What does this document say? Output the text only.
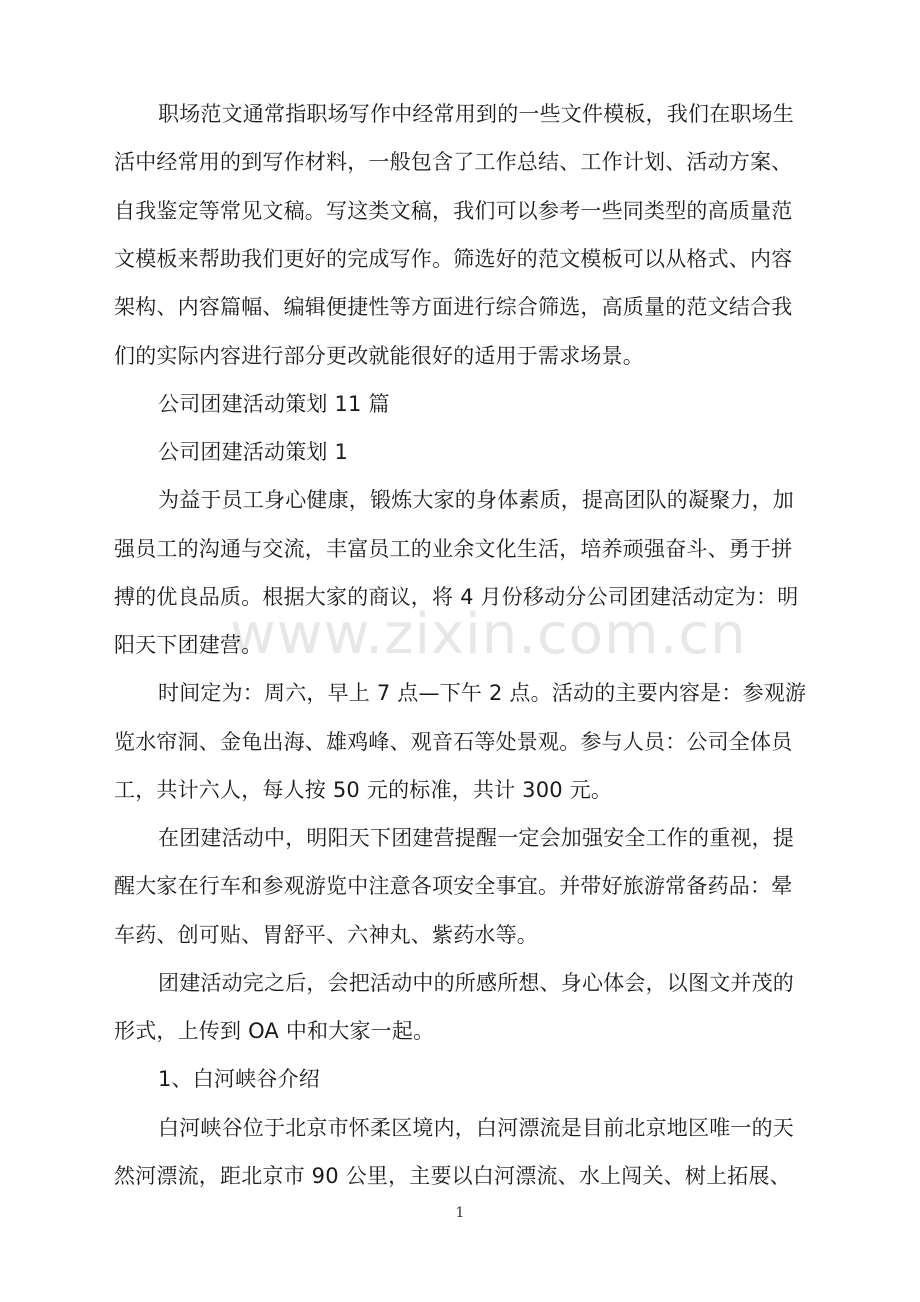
www.zixin.com.cn
职场范文通常指职场写作中经常用到的一些文件模板，我们在职场生
活中经常用的到写作材料，一般包含了工作总结、工作计划、活动方案、
自我鉴定等常见文稿。写这类文稿，我们可以参考一些同类型的高质量范
文模板来帮助我们更好的完成写作。筛选好的范文模板可以从格式、内容
架构、内容篇幅、编辑便捷性等方面进行综合筛选，高质量的范文结合我
们的实际内容进行部分更改就能很好的适用于需求场景。
公司团建活动策划 11 篇
公司团建活动策划 1
为益于员工身心健康，锻炼大家的身体素质，提高团队的凝聚力，加
强员工的沟通与交流，丰富员工的业余文化生活，培养顽强奋斗、勇于拼
搏的优良品质。根据大家的商议，将 4 月份移动分公司团建活动定为：明
阳天下团建营。
时间定为：周六，早上 7 点—下午 2 点。活动的主要内容是：参观游
览水帘洞、金龟出海、雄鸡峰、观音石等处景观。参与人员：公司全体员
工，共计六人，每人按 50 元的标准，共计 300 元。
在团建活动中，明阳天下团建营提醒一定会加强安全工作的重视，提
醒大家在行车和参观游览中注意各项安全事宜。并带好旅游常备药品：晕
车药、创可贴、胃舒平、六神丸、紫药水等。
团建活动完之后，会把活动中的所感所想、身心体会，以图文并茂的
形式，上传到 OA 中和大家一起。
1、白河峡谷介绍
白河峡谷位于北京市怀柔区境内，白河漂流是目前北京地区唯一的天
然河漂流，距北京市 90 公里，主要以白河漂流、水上闯关、树上拓展、
1
